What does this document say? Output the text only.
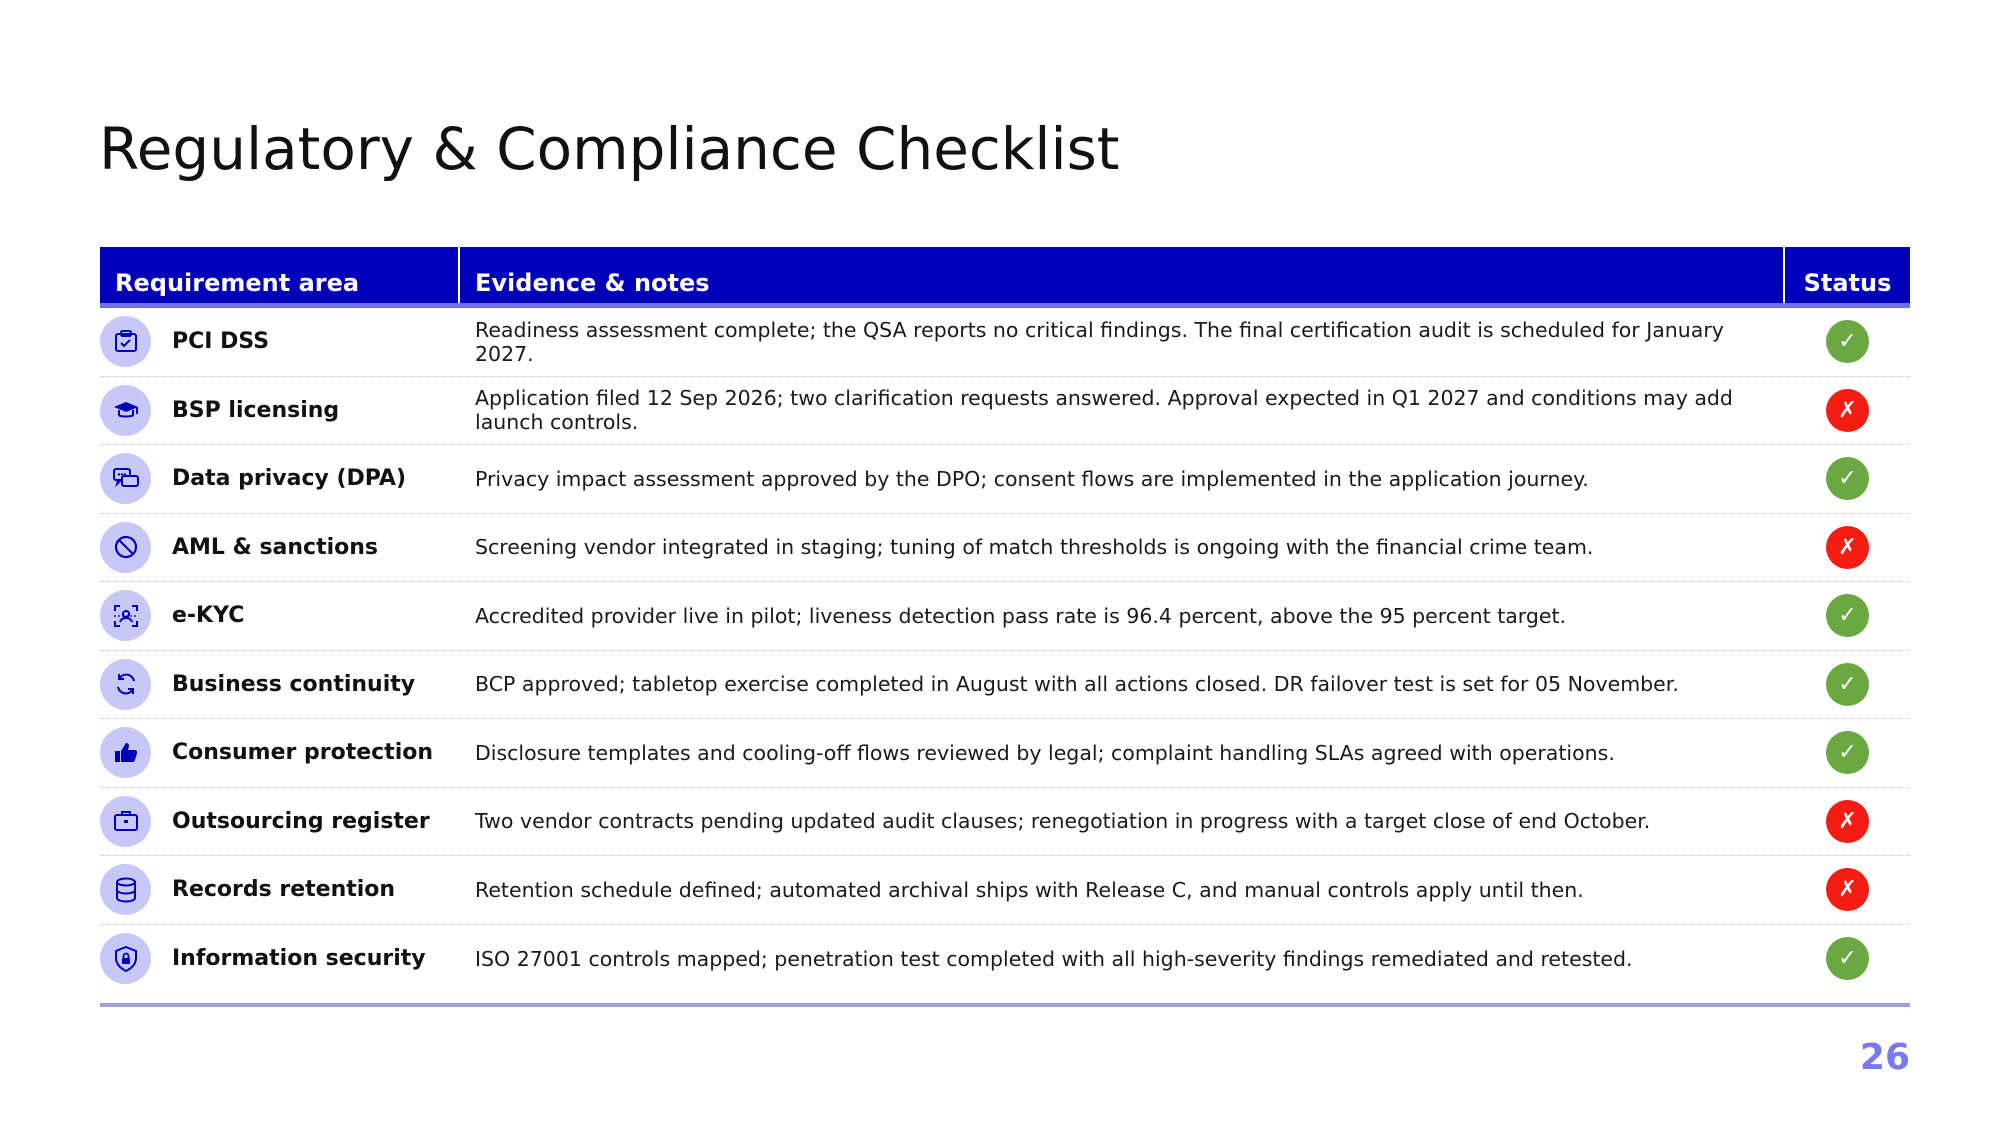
Regulatory & Compliance Checklist
Requirement area	Evidence & notes	Status
PCI DSS	Readiness assessment complete; the QSA reports no critical findings. The final certification audit is scheduled for January 2027.	✓
BSP licensing	Application filed 12 Sep 2026; two clarification requests answered. Approval expected in Q1 2027 and conditions may add launch controls.	✗
Data privacy (DPA)	Privacy impact assessment approved by the DPO; consent flows are implemented in the application journey.	✓
AML & sanctions	Screening vendor integrated in staging; tuning of match thresholds is ongoing with the financial crime team.	✗
e-KYC	Accredited provider live in pilot; liveness detection pass rate is 96.4 percent, above the 95 percent target.	✓
Business continuity	BCP approved; tabletop exercise completed in August with all actions closed. DR failover test is set for 05 November.	✓
Consumer protection	Disclosure templates and cooling-off flows reviewed by legal; complaint handling SLAs agreed with operations.	✓
Outsourcing register	Two vendor contracts pending updated audit clauses; renegotiation in progress with a target close of end October.	✗
Records retention	Retention schedule defined; automated archival ships with Release C, and manual controls apply until then.	✗
Information security	ISO 27001 controls mapped; penetration test completed with all high-severity findings remediated and retested.	✓
26
